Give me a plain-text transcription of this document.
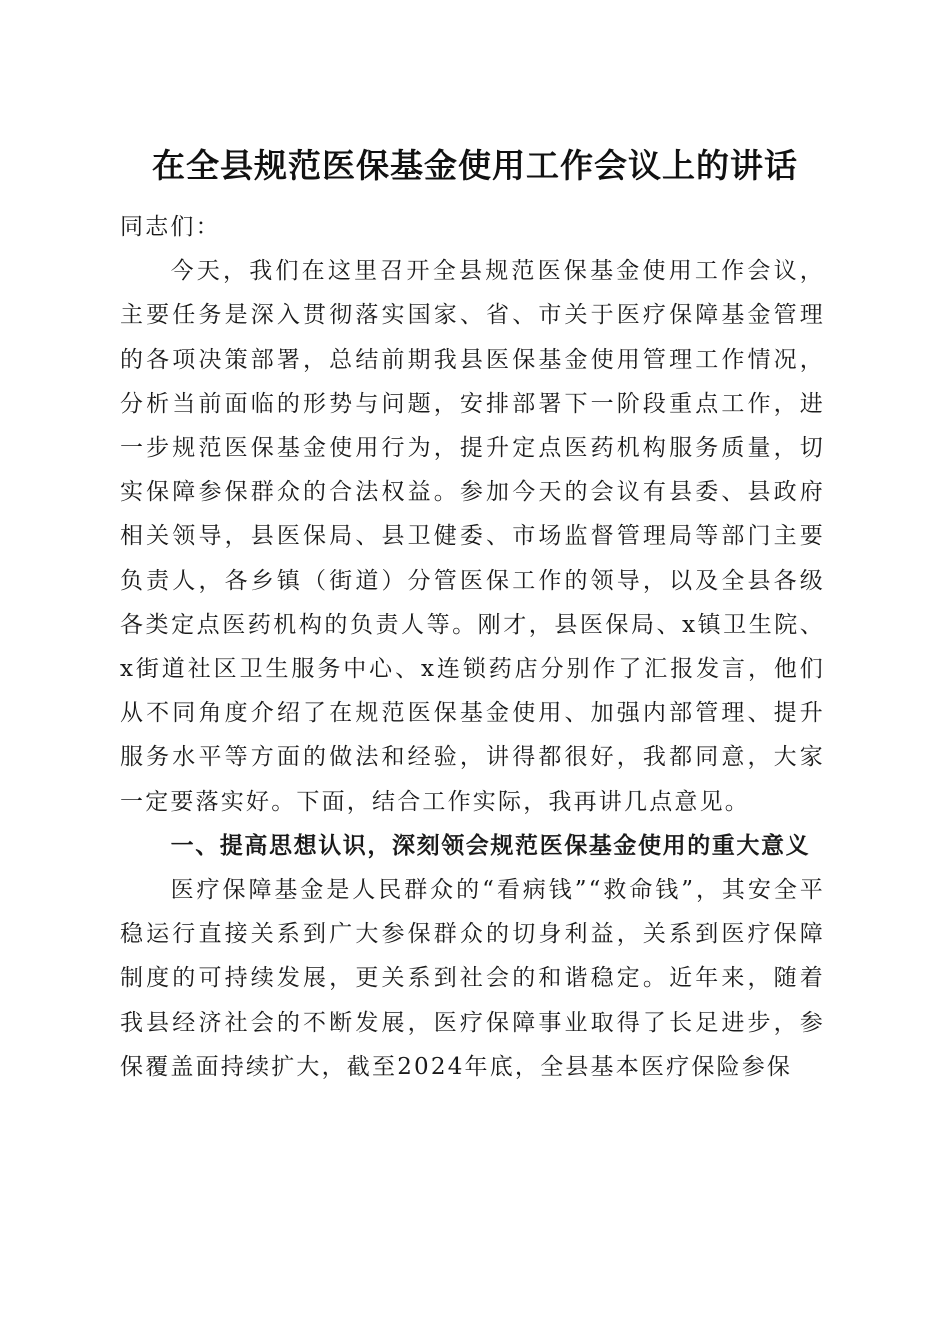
在全县规范医保基金使用工作会议上的讲话

同志们：

今天，我们在这里召开全县规范医保基金使用工作会议，主要任务是深入贯彻落实国家、省、市关于医疗保障基金管理的各项决策部署，总结前期我县医保基金使用管理工作情况，分析当前面临的形势与问题，安排部署下一阶段重点工作，进一步规范医保基金使用行为，提升定点医药机构服务质量，切实保障参保群众的合法权益。参加今天的会议有县委、县政府相关领导，县医保局、县卫健委、市场监督管理局等部门主要负责人，各乡镇（街道）分管医保工作的领导，以及全县各级各类定点医药机构的负责人等。刚才，县医保局、x镇卫生院、x街道社区卫生服务中心、x连锁药店分别作了汇报发言，他们从不同角度介绍了在规范医保基金使用、加强内部管理、提升服务水平等方面的做法和经验，讲得都很好，我都同意，大家一定要落实好。下面，结合工作实际，我再讲几点意见。

一、提高思想认识，深刻领会规范医保基金使用的重大意义

医疗保障基金是人民群众的“看病钱”“救命钱”，其安全平稳运行直接关系到广大参保群众的切身利益，关系到医疗保障制度的可持续发展，更关系到社会的和谐稳定。近年来，随着我县经济社会的不断发展，医疗保障事业取得了长足进步，参保覆盖面持续扩大，截至2024年底，全县基本医疗保险参保
